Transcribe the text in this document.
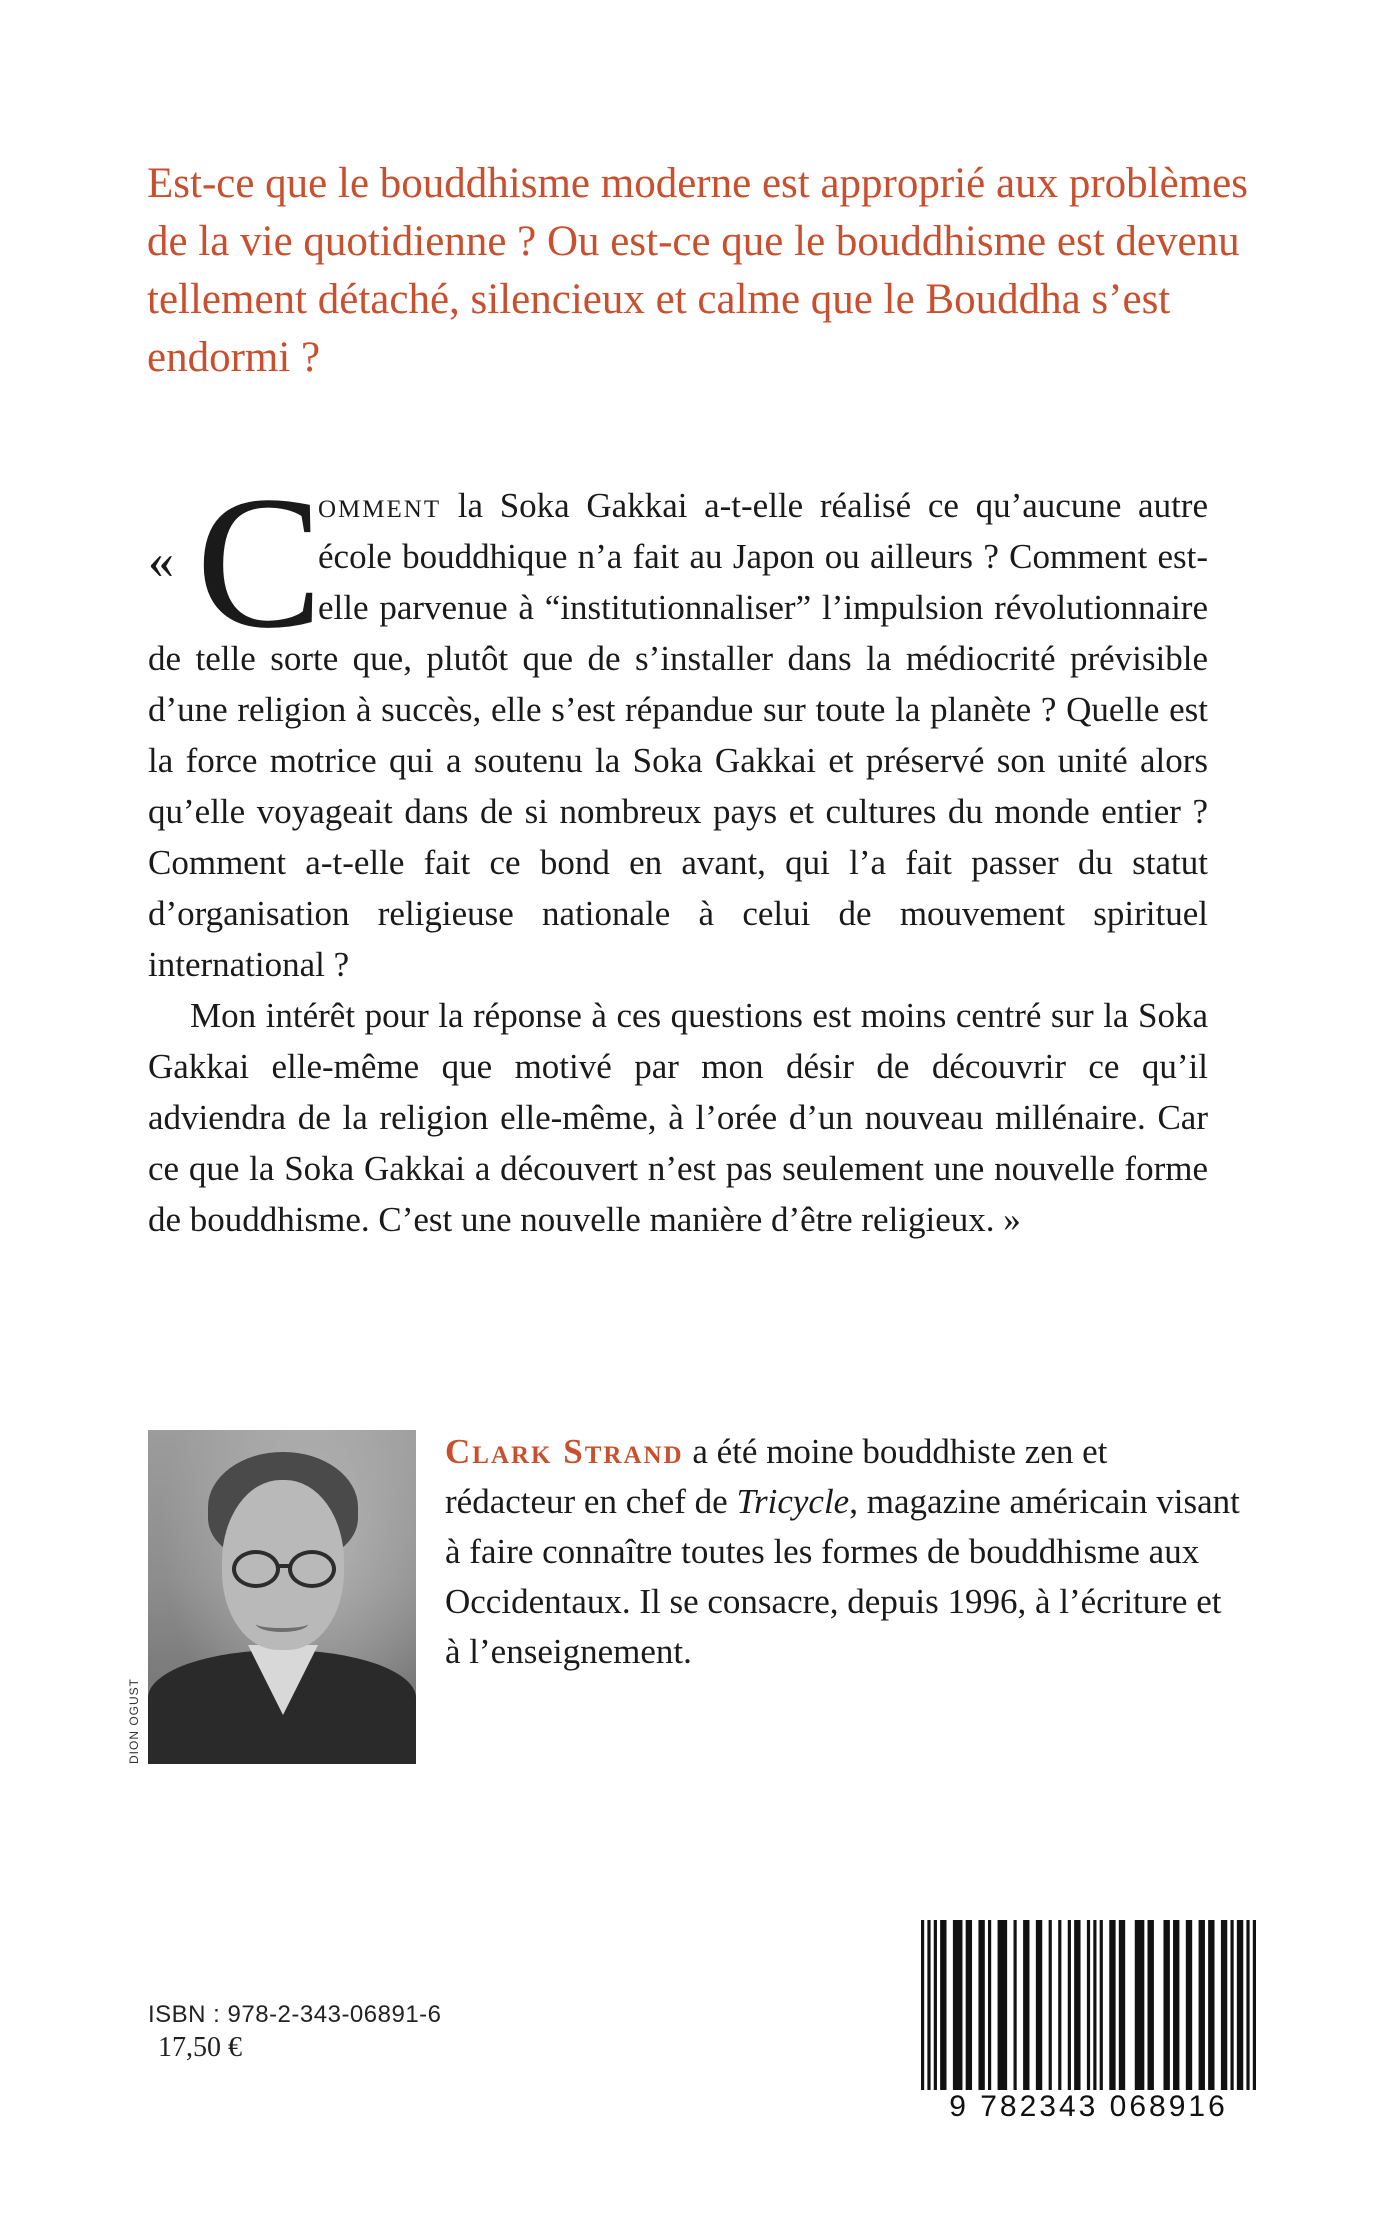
Est-ce que le bouddhisme moderne est approprié aux problèmes de la vie quotidienne ? Ou est-ce que le bouddhisme est devenu tellement détaché, silencieux et calme que le Bouddha s’est endormi ?

« C
omment la Soka Gakkai a-t-elle réalisé ce qu’aucune autre école bouddhique n’a fait au Japon ou ailleurs ? Comment est-elle parvenue à “institutionnaliser” l’impulsion révolutionnaire de telle sorte que, plutôt que de s’installer dans la médiocrité prévisible d’une religion à succès, elle s’est répandue sur toute la planète ? Quelle est la force motrice qui a soutenu la Soka Gakkai et préservé son unité alors qu’elle voyageait dans de si nombreux pays et cultures du monde entier ? Comment a-t-elle fait ce bond en avant, qui l’a fait passer du statut d’organisation religieuse nationale à celui de mouvement spirituel international ?

Mon intérêt pour la réponse à ces questions est moins centré sur la Soka Gakkai elle-même que motivé par mon désir de découvrir ce qu’il adviendra de la religion elle-même, à l’orée d’un nouveau millénaire. Car ce que la Soka Gakkai a découvert n’est pas seulement une nouvelle forme de bouddhisme. C’est une nouvelle manière d’être religieux. »

DION OGUST

Clark Strand a été moine bouddhiste zen et rédacteur en chef de Tricycle, magazine américain visant à faire connaître toutes les formes de bouddhisme aux Occidentaux. Il se consacre, depuis 1996, à l’écriture et à l’enseignement.

ISBN : 978-2-343-06891-6
17,50 €
9 782343 068916
